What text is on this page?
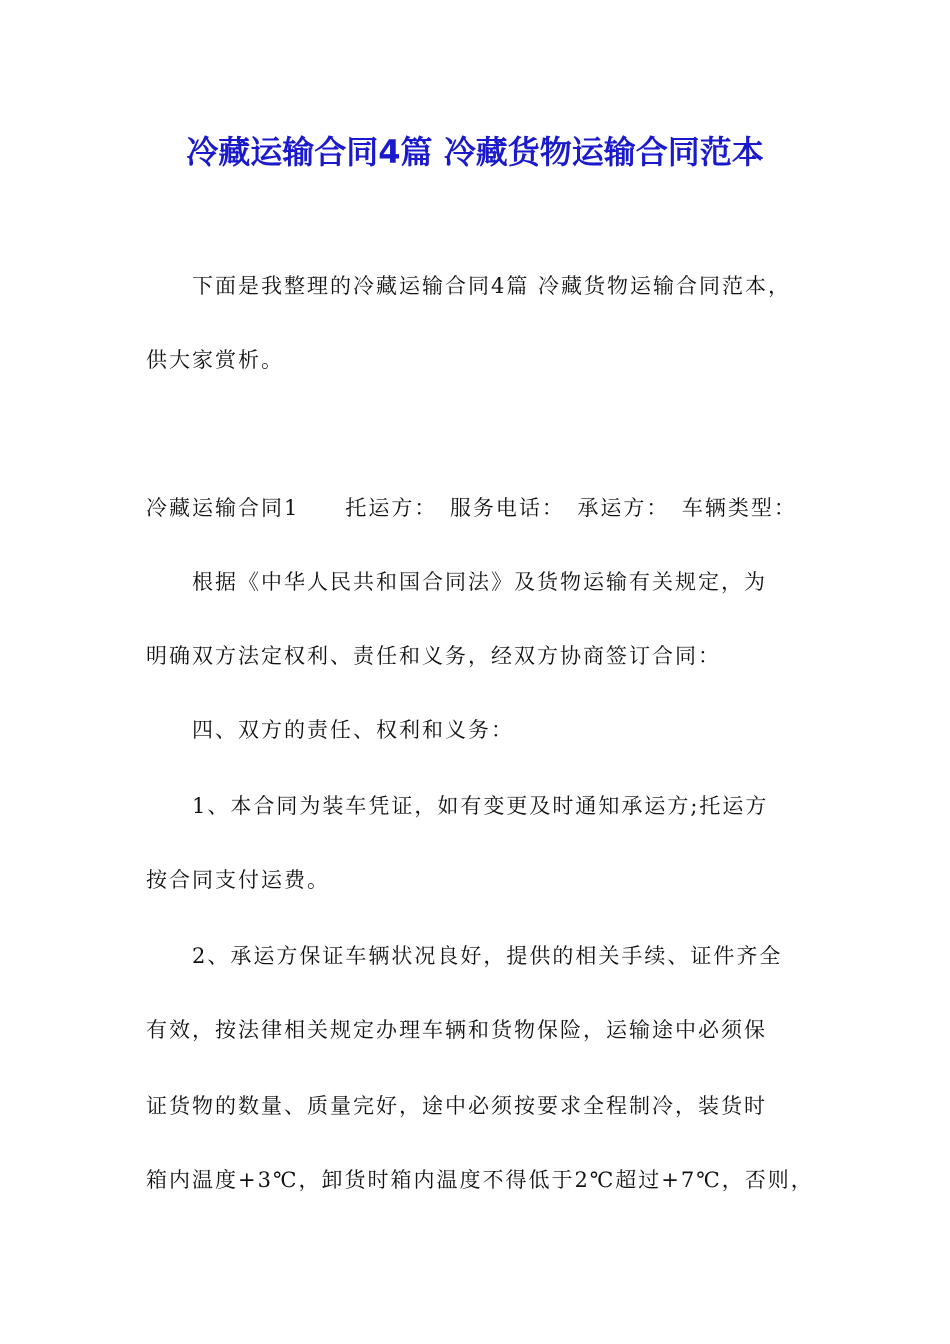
冷藏运输合同4篇 冷藏货物运输合同范本
下面是我整理的冷藏运输合同4篇 冷藏货物运输合同范本，
供大家赏析。
冷藏运输合同1　　托运方：　服务电话：　承运方：　车辆类型：
根据《中华人民共和国合同法》及货物运输有关规定，为
明确双方法定权利、责任和义务，经双方协商签订合同：
四、双方的责任、权利和义务：
1、本合同为装车凭证，如有变更及时通知承运方;托运方
按合同支付运费。
2、承运方保证车辆状况良好，提供的相关手续、证件齐全
有效，按法律相关规定办理车辆和货物保险，运输途中必须保
证货物的数量、质量完好，途中必须按要求全程制冷，装货时
箱内温度+3℃，卸货时箱内温度不得低于2℃超过+7℃，否则，
